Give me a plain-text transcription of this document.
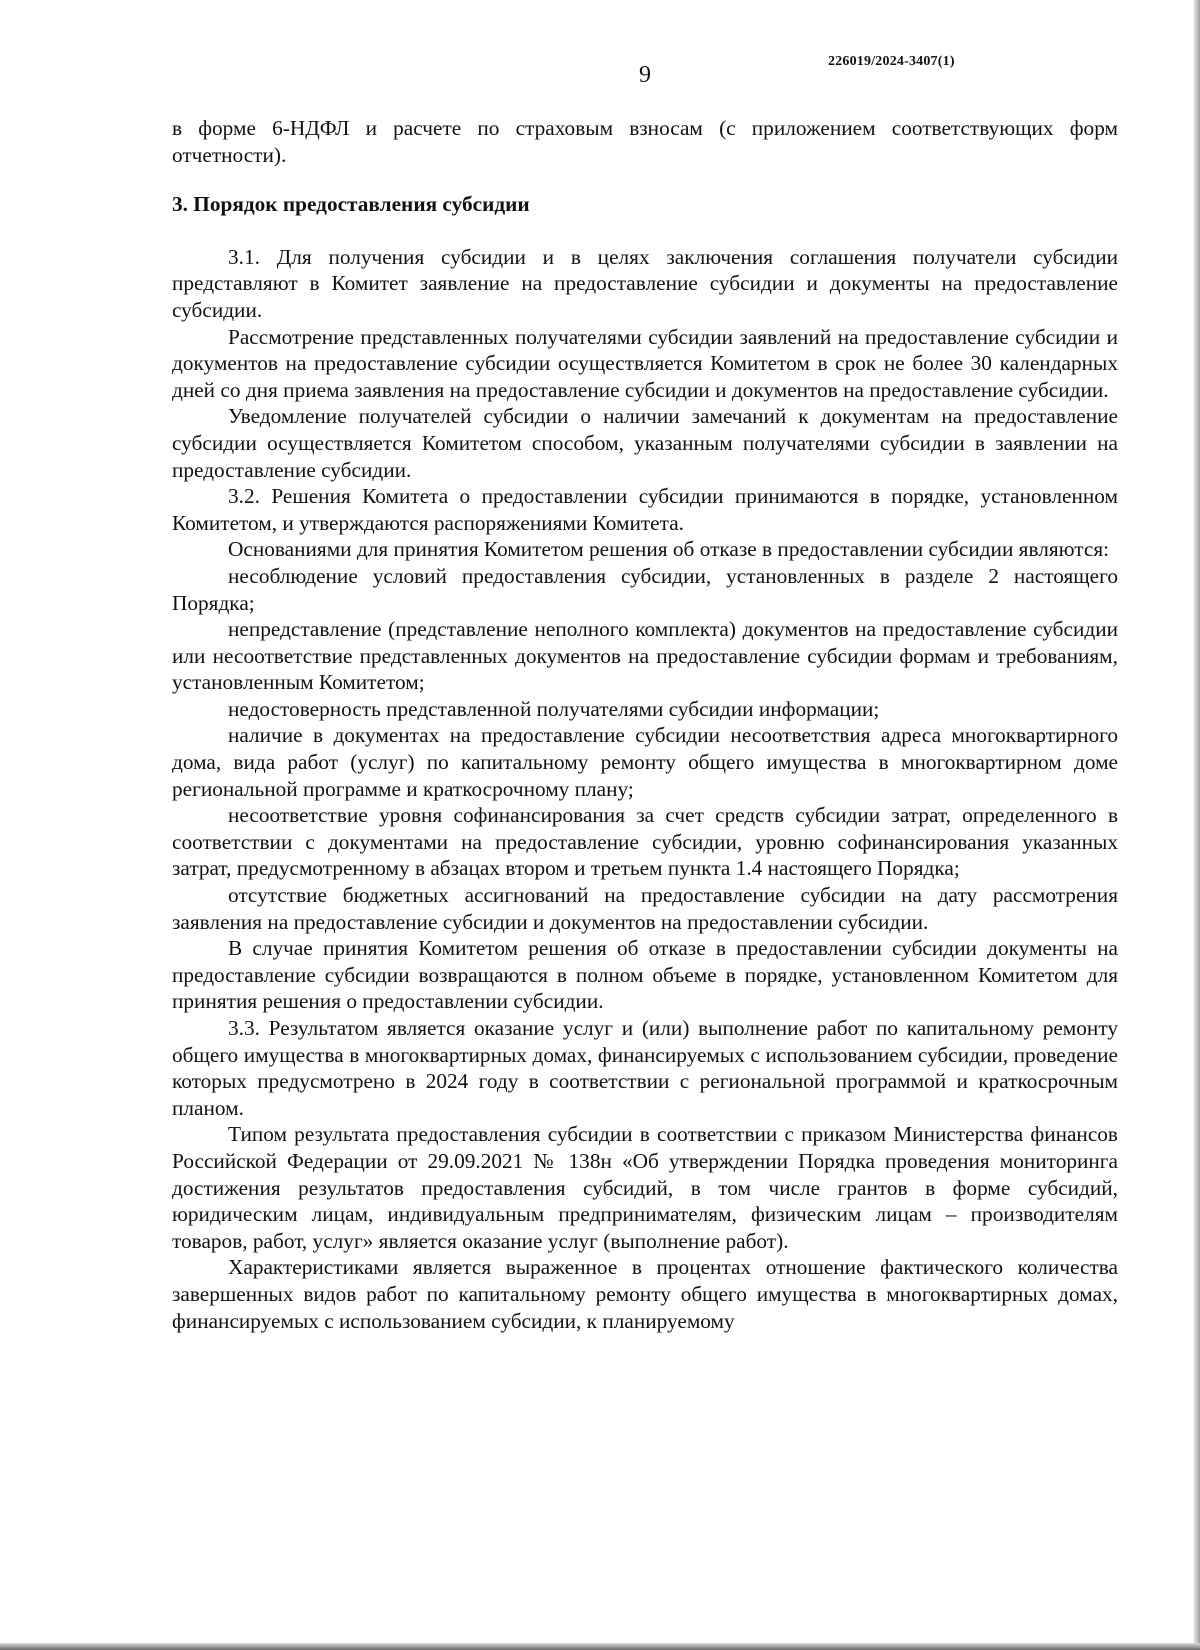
9
226019/2024-3407(1)

в форме 6-НДФЛ и расчете по страховым взносам (с приложением соответствующих форм отчетности).

3. Порядок предоставления субсидии

3.1. Для получения субсидии и в целях заключения соглашения получатели субсидии представляют в Комитет заявление на предоставление субсидии и документы на предоставление субсидии.

Рассмотрение представленных получателями субсидии заявлений на предоставление субсидии и документов на предоставление субсидии осуществляется Комитетом в срок не более 30 календарных дней со дня приема заявления на предоставление субсидии и документов на предоставление субсидии.

Уведомление получателей субсидии о наличии замечаний к документам на предоставление субсидии осуществляется Комитетом способом, указанным получателями субсидии в заявлении на предоставление субсидии.

3.2. Решения Комитета о предоставлении субсидии принимаются в порядке, установленном Комитетом, и утверждаются распоряжениями Комитета.

Основаниями для принятия Комитетом решения об отказе в предоставлении субсидии являются:

несоблюдение условий предоставления субсидии, установленных в разделе 2 настоящего Порядка;

непредставление (представление неполного комплекта) документов на предоставление субсидии или несоответствие представленных документов на предоставление субсидии формам и требованиям, установленным Комитетом;

недостоверность представленной получателями субсидии информации;

наличие в документах на предоставление субсидии несоответствия адреса многоквартирного дома, вида работ (услуг) по капитальному ремонту общего имущества в многоквартирном доме региональной программе и краткосрочному плану;

несоответствие уровня софинансирования за счет средств субсидии затрат, определенного в соответствии с документами на предоставление субсидии, уровню софинансирования указанных затрат, предусмотренному в абзацах втором и третьем пункта 1.4 настоящего Порядка;

отсутствие бюджетных ассигнований на предоставление субсидии на дату рассмотрения заявления на предоставление субсидии и документов на предоставлении субсидии.

В случае принятия Комитетом решения об отказе в предоставлении субсидии документы на предоставление субсидии возвращаются в полном объеме в порядке, установленном Комитетом для принятия решения о предоставлении субсидии.

3.3. Результатом является оказание услуг и (или) выполнение работ по капитальному ремонту общего имущества в многоквартирных домах, финансируемых с использованием субсидии, проведение которых предусмотрено в 2024 году в соответствии с региональной программой и краткосрочным планом.

Типом результата предоставления субсидии в соответствии с приказом Министерства финансов Российской Федерации от 29.09.2021 № 138н «Об утверждении Порядка проведения мониторинга достижения результатов предоставления субсидий, в том числе грантов в форме субсидий, юридическим лицам, индивидуальным предпринимателям, физическим лицам – производителям товаров, работ, услуг» является оказание услуг (выполнение работ).

Характеристиками является выраженное в процентах отношение фактического количества завершенных видов работ по капитальному ремонту общего имущества в многоквартирных домах, финансируемых с использованием субсидии, к планируемому
